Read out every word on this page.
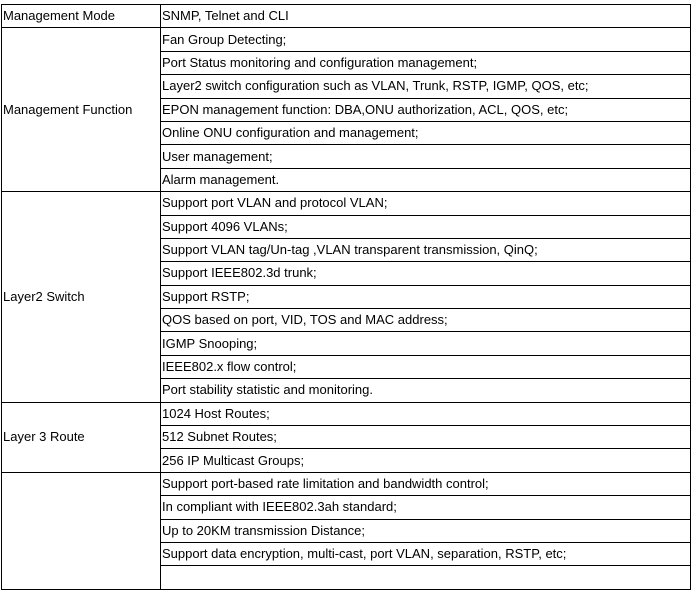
Management Mode	SNMP, Telnet and CLI
Management Function	Fan Group Detecting;
	Port Status monitoring and configuration management;
	Layer2 switch configuration such as VLAN, Trunk, RSTP, IGMP, QOS, etc;
	EPON management function: DBA,ONU authorization, ACL, QOS, etc;
	Online ONU configuration and management;
	User management;
	Alarm management.
Layer2 Switch	Support port VLAN and protocol VLAN;
	Support 4096 VLANs;
	Support VLAN tag/Un-tag ,VLAN transparent transmission, QinQ;
	Support IEEE802.3d trunk;
	Support RSTP;
	QOS based on port, VID, TOS and MAC address;
	IGMP Snooping;
	IEEE802.x flow control;
	Port stability statistic and monitoring.
Layer 3 Route	1024 Host Routes;
	512 Subnet Routes;
	256 IP Multicast Groups;
	Support port-based rate limitation and bandwidth control;
	In compliant with IEEE802.3ah standard;
	Up to 20KM transmission Distance;
	Support data encryption, multi-cast, port VLAN, separation, RSTP, etc;
